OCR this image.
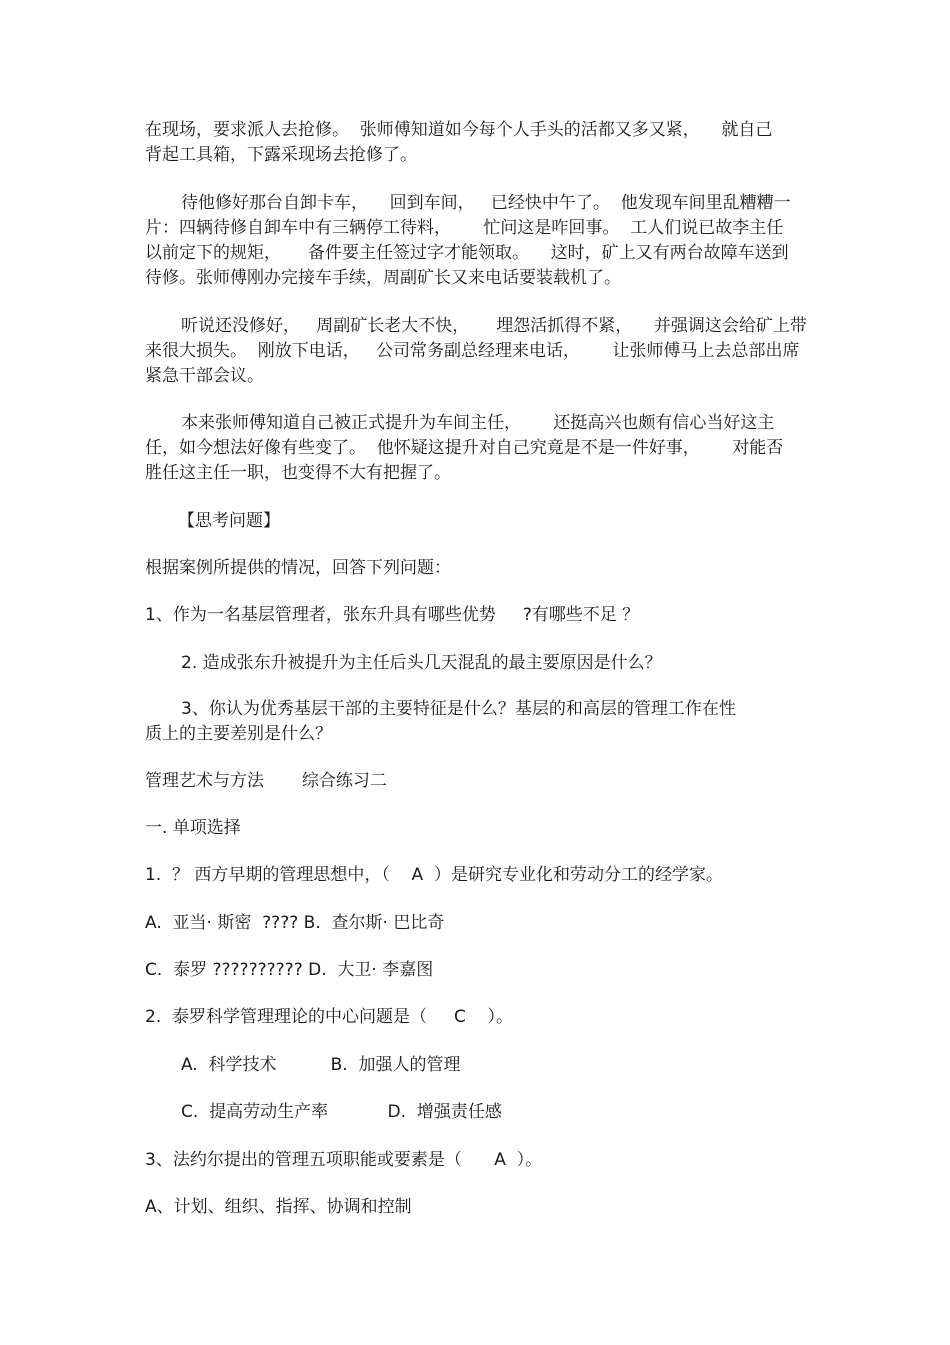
在现场，要求派人去抢修。  张师傅知道如今每个人手头的活都又多又紧，    就自己
背起工具箱，下露采现场去抢修了。
待他修好那台自卸卡车，    回到车间，   已经快中午了。  他发现车间里乱糟糟一
片：四辆待修自卸车中有三辆停工待料，      忙问这是咋回事。  工人们说已故李主任
以前定下的规矩，     备件要主任签过字才能领取。    这时，矿上又有两台故障车送到
待修。张师傅刚办完接车手续，周副矿长又来电话要装载机了。
听说还没修好，   周副矿长老大不快，     埋怨活抓得不紧，    并强调这会给矿上带
来很大损失。  刚放下电话，   公司常务副总经理来电话，      让张师傅马上去总部出席
紧急干部会议。
本来张师傅知道自己被正式提升为车间主任，      还挺高兴也颇有信心当好这主
任，如今想法好像有些变了。  他怀疑这提升对自己究竟是不是一件好事，      对能否
胜任这主任一职，也变得不大有把握了。
【思考问题】
根据案例所提供的情况，回答下列问题：
1、作为一名基层管理者，张东升具有哪些优势     ?有哪些不足 ？
2. 造成张东升被提升为主任后头几天混乱的最主要原因是什么？
3、你认为优秀基层干部的主要特征是什么？基层的和高层的管理工作在性
质上的主要差别是什么？
管理艺术与方法       综合练习二
一. 单项选择
1.  ？ 西方早期的管理思想中，（    A  ）是研究专业化和劳动分工的经学家。
A.  亚当· 斯密  ???? B.  查尔斯· 巴比奇
C.  泰罗 ?????????? D.  大卫· 李嘉图
2.  泰罗科学管理理论的中心问题是（     C    ）。
A.  科学技术          B.  加强人的管理
C.  提高劳动生产率           D.  增强责任感
3、法约尔提出的管理五项职能或要素是（      A  ）。
A、计划、组织、指挥、协调和控制
